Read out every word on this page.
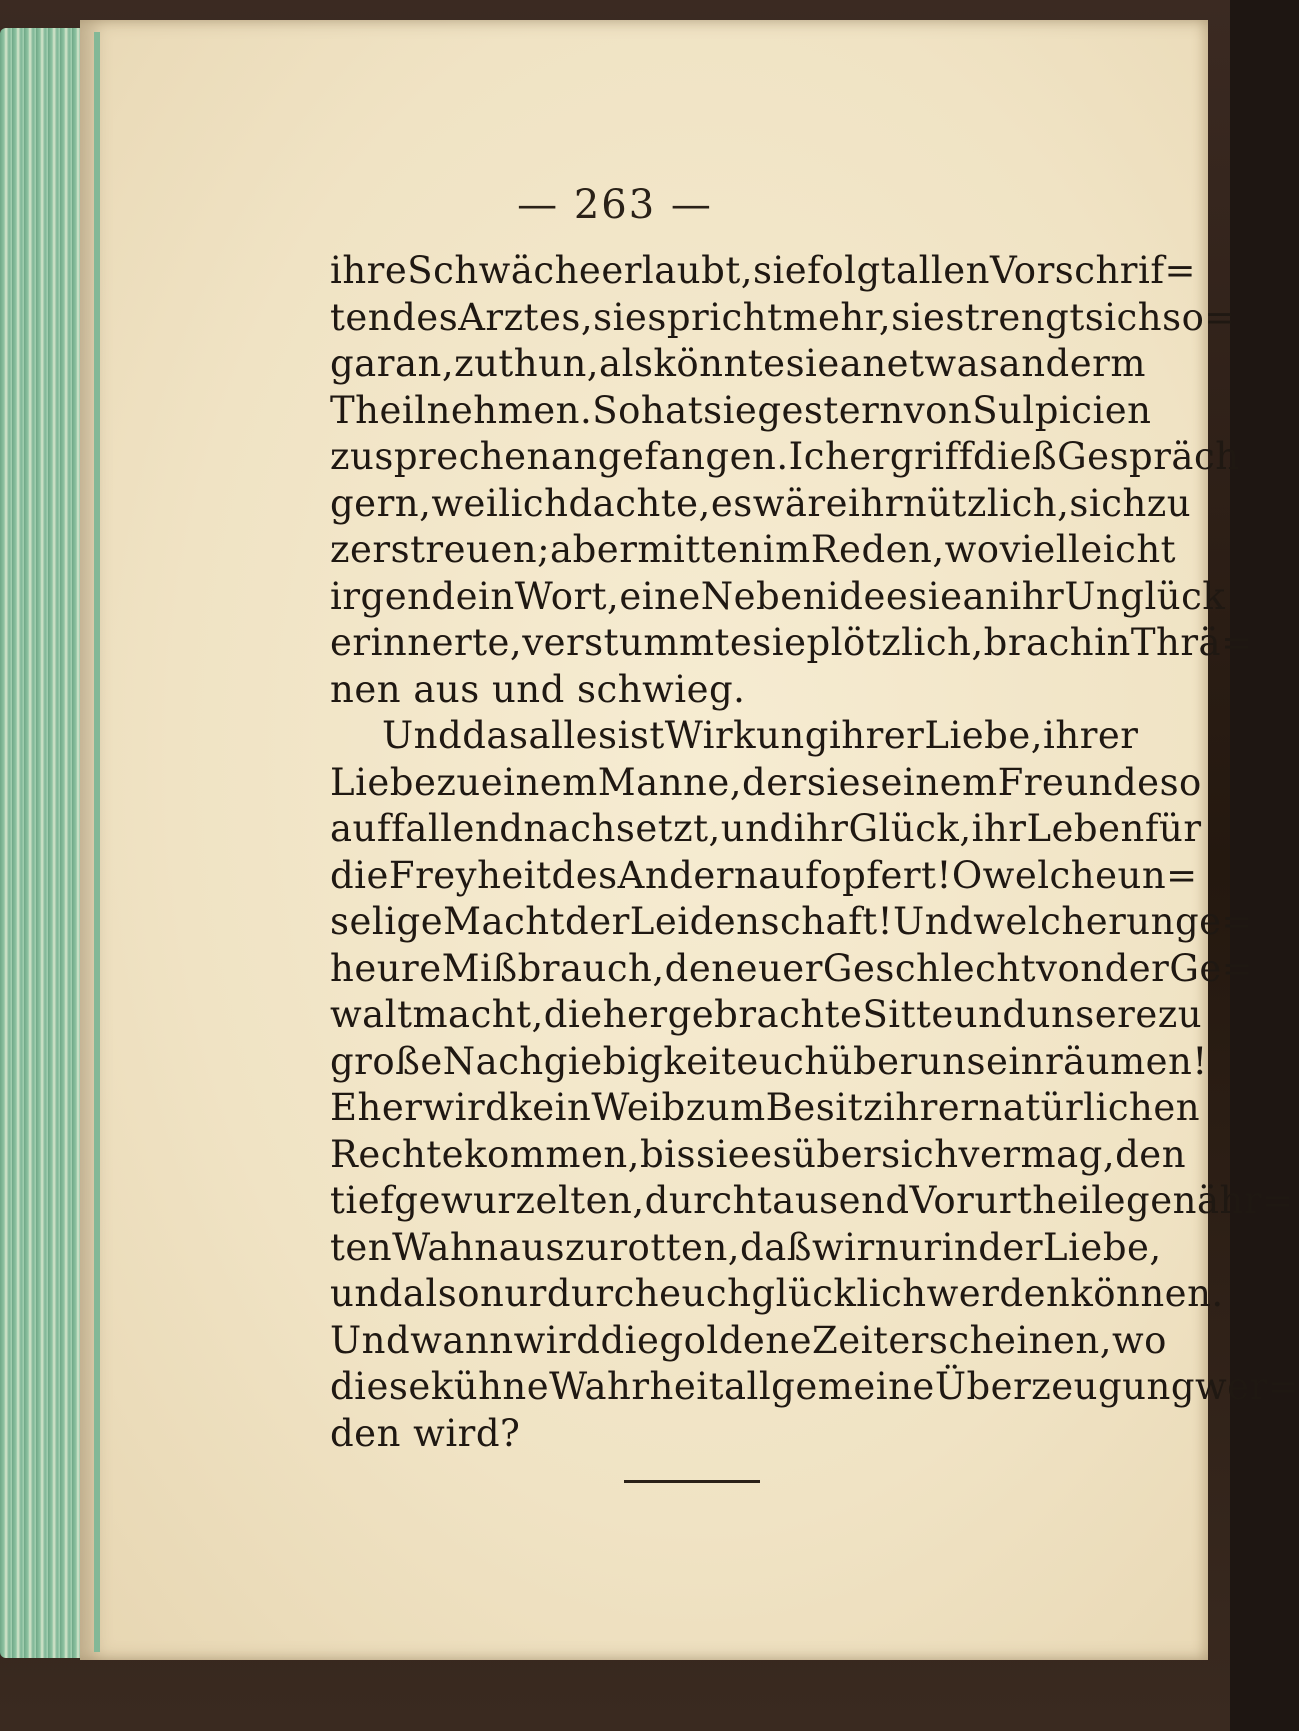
— 263 —
ihre Schwäche erlaubt, sie folgt allen Vorschrif=
ten des Arztes, sie spricht mehr, sie strengt sich so=
gar an, zu thun, als könnte sie an etwas anderm
Theil nehmen. So hat sie gestern von Sulpicien
zu sprechen angefangen. Ich ergriff dieß Gespräch
gern, weil ich dachte, es wäre ihr nützlich, sich zu
zerstreuen; aber mitten im Reden, wo vielleicht
irgend ein Wort, eine Nebenidee sie an ihr Unglück
erinnerte, verstummte sie plötzlich, brach in Thrä=
nen aus und schwieg.
Und das alles ist Wirkung ihrer Liebe, ihrer
Liebe zu einem Manne, der sie seinem Freunde so
auffallend nachsetzt, und ihr Glück, ihr Leben für
die Freyheit des Andern aufopfert! O welche un=
selige Macht der Leidenschaft! Und welcher unge=
heure Mißbrauch, den euer Geschlecht von der Ge=
walt macht, die hergebrachte Sitte und unsere zu
große Nachgiebigkeit euch über uns einräumen!
Eher wird kein Weib zum Besitz ihrer natürlichen
Rechte kommen, bis sie es über sich vermag, den
tiefgewurzelten, durch tausend Vorurtheile genähr=
ten Wahn auszurotten, daß wir nur in der Liebe,
und also nur durch euch glücklich werden können.
Und wann wird die goldene Zeit erscheinen, wo
diese kühne Wahrheit allgemeine Überzeugung wer=
den wird?
